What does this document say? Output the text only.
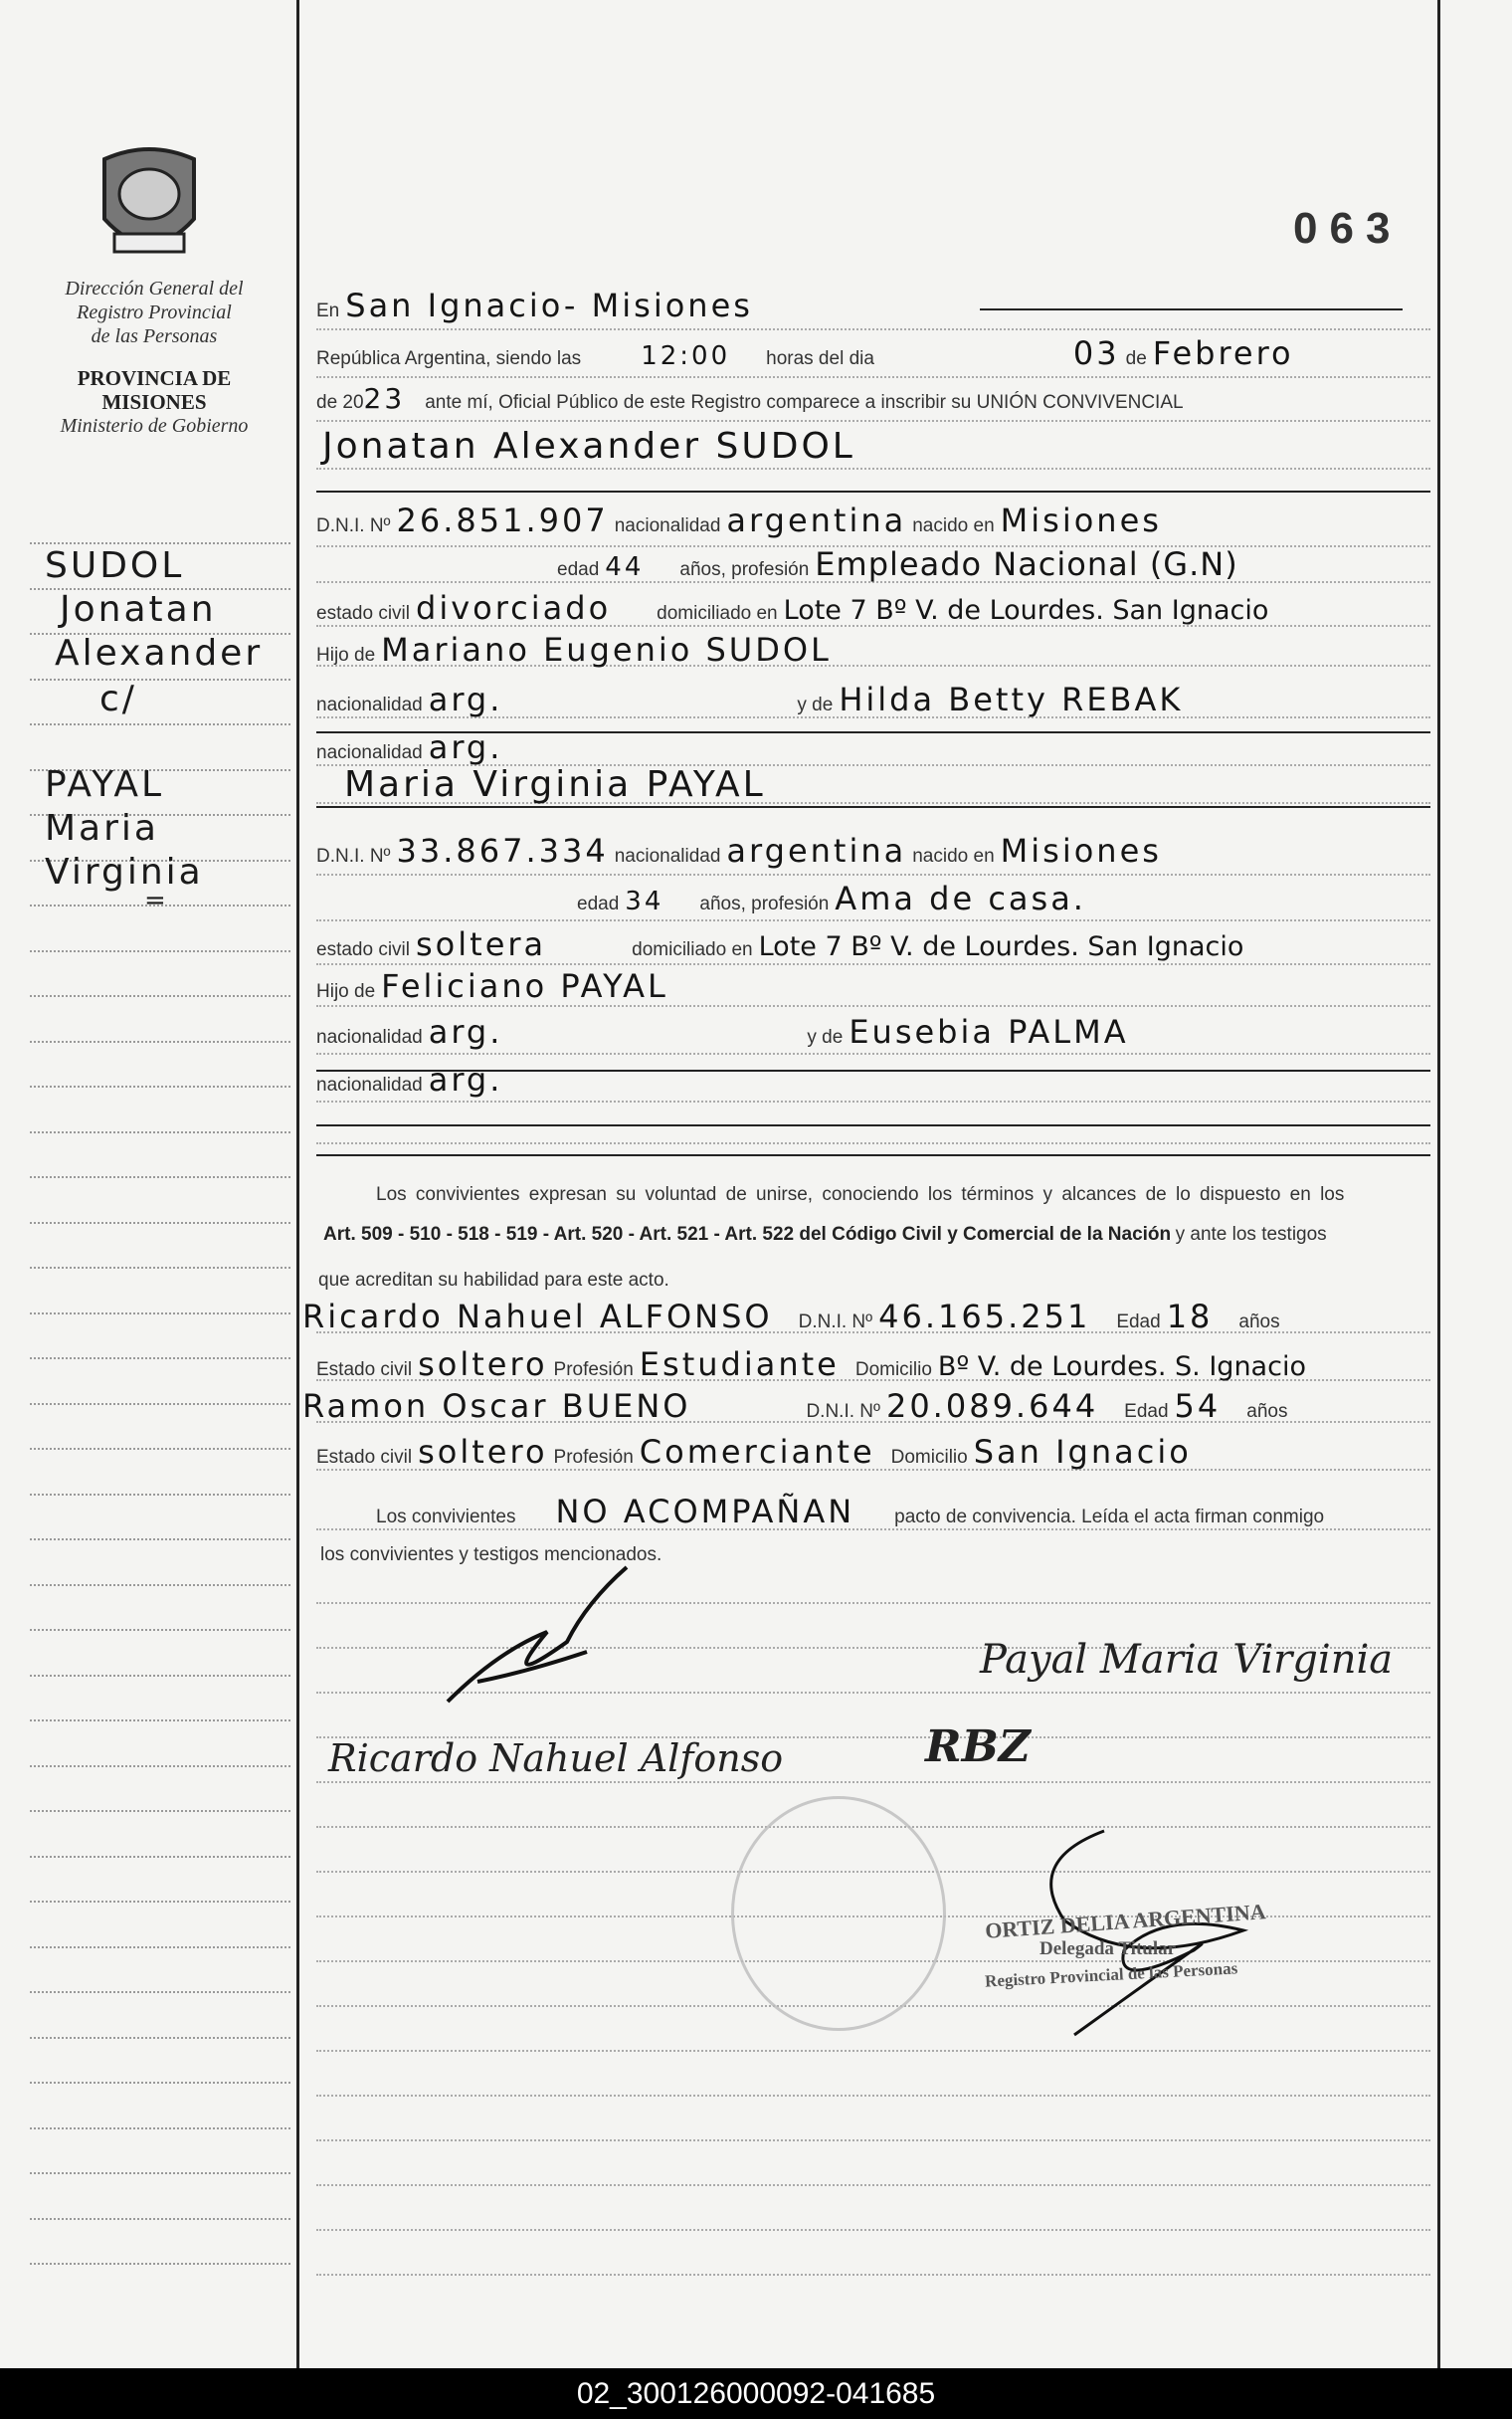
Dirección General del
Registro Provincial
de las Personas
PROVINCIA DE
MISIONES
Ministerio de Gobierno
SUDOL
Jonatan
Alexander
c/
PAYAL
Maria
Virginia
=
063
En San Ignacio- Misiones
República Argentina, siendo las 12:00 horas del dia	03 de Febrero
de 2023 ante mí, Oficial Público de este Registro comparece a inscribir su UNIÓN CONVIVENCIAL
Jonatan Alexander SUDOL
D.N.I. Nº 26.851.907 nacionalidad argentina nacido en Misiones
edad 44 años, profesión Empleado Nacional (G.N)
estado civil divorciado domiciliado en Lote 7 Bº V. de Lourdes. San Ignacio
Hijo de Mariano Eugenio SUDOL
nacionalidad arg.	y de Hilda Betty REBAK
nacionalidad arg.
Maria Virginia PAYAL
D.N.I. Nº 33.867.334 nacionalidad argentina nacido en Misiones
edad 34 años, profesión Ama de casa.
estado civil soltera	domiciliado en Lote 7 Bº V. de Lourdes. San Ignacio
Hijo de Feliciano PAYAL
nacionalidad arg.	y de Eusebia PALMA
nacionalidad arg.
Los convivientes expresan su voluntad de unirse, conociendo los términos y alcances de lo dispuesto en los
Art. 509 - 510 - 518 - 519 - Art. 520 - Art. 521 - Art. 522 del Código Civil y Comercial de la Nación y ante los testigos
que acreditan su habilidad para este acto.
Ricardo Nahuel ALFONSO D.N.I. Nº 46.165.251 Edad 18 años
Estado civil soltero Profesión Estudiante Domicilio Bº V. de Lourdes. S. Ignacio
Ramon Oscar BUENO	D.N.I. Nº 20.089.644 Edad 54 años
Estado civil soltero Profesión Comerciante Domicilio San Ignacio
Los convivientes NO ACOMPAÑAN pacto de convivencia. Leída el acta firman conmigo
los convivientes y testigos mencionados.
Payal Maria Virginia
Ricardo Nahuel Alfonso	RBZ
ORTIZ DELIA ARGENTINA
Delegada Titular
Registro Provincial de las Personas
02_300126000092-041685
